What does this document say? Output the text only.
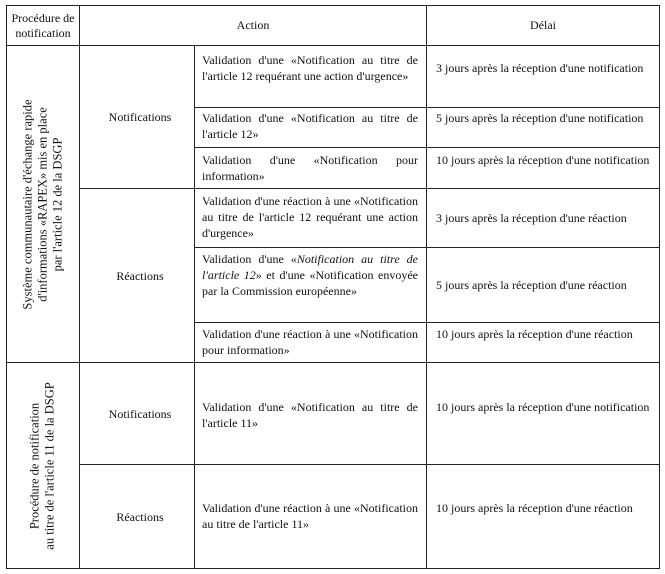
Procédure de notification
Action	Délai
Système communautaire d'échange rapide d'informations «RAPEX» mis en place par l'article 12 de la DSGP
Procédure de notification au titre de l'article 11 de la DSGP
Notifications
Réactions
Notifications
Réactions
Validation d'une «Notification au titre de l'article 12 requérant une action d'urgence»
3 jours après la réception d'une notification
Validation d'une «Notification au titre de l'article 12»
5 jours après la réception d'une notification
Validation d'une «Notification pour information»
10 jours après la réception d'une notification
Validation d'une réaction à une «Notification au titre de l'article 12 requérant une action d'urgence»
3 jours après la réception d'une réaction
Validation d'une «Notification au titre de l'article 12» et d'une «Notification envoyée par la Commission européenne»	5 jours après la réception d'une réaction
Validation d'une réaction à une «Notification pour information»
10 jours après la réception d'une réaction
Validation d'une «Notification au titre de l'article 11»
10 jours après la réception d'une notification
Validation d'une réaction à une «Notification au titre de l'article 11»
10 jours après la réception d'une réaction
